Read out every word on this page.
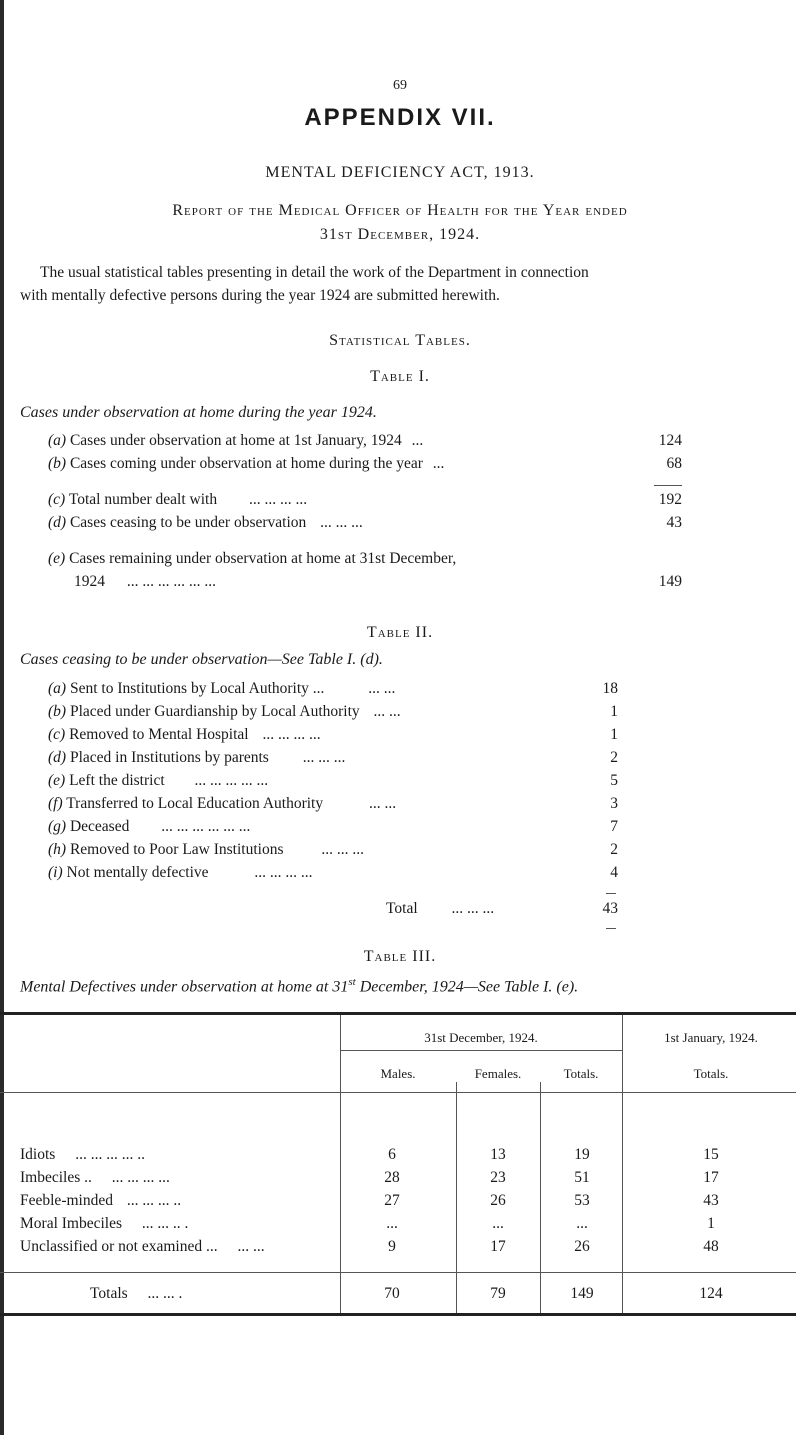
69
APPENDIX VII.
MENTAL DEFICIENCY ACT, 1913.
Report of the Medical Officer of Health for the Year ended
31st December, 1924.
The usual statistical tables presenting in detail the work of the Department in connection
with mentally defective persons during the year 1924 are submitted herewith.
Statistical Tables.
Table I.
Cases under observation at home during the year 1924.
(a) Cases under observation at home at 1st January, 1924 ...	124
(b) Cases coming under observation at home during the year ...	68
(c) Total number dealt with ... ... ... ...	192
(d) Cases ceasing to be under observation ... ... ...	43
(e) Cases remaining under observation at home at 31st December,
1924 ... ... ... ... ... ...	149
Table II.
Cases ceasing to be under observation—See Table I. (d).
(a) Sent to Institutions by Local Authority ...	... ...	18
(b) Placed under Guardianship by Local Authority ... ...	1
(c) Removed to Mental Hospital ... ... ... ...	1
(d) Placed in Institutions by parents ... ... ...	2
(e) Left the district ... ... ... ... ...	5
(f) Transferred to Local Education Authority	... ...	3
(g) Deceased ... ... ... ... ... ...	7
(h) Removed to Poor Law Institutions ... ... ...	2
(i) Not mentally defective	... ... ... ...	4
Total ... ... ...	43
Table III.
Mental Defectives under observation at home at 31st December, 1924—See Table I. (e).
31st December, 1924.	1st January, 1924.
Males.	Females.	Totals.	Totals.
Idiots ... ... ... ... ..	6	13	19	15
Imbeciles .. ... ... ... ...	28	23	51	17
Feeble-minded ... ... ... ..	27	26	53	43
Moral Imbeciles ... ... .. .	...	...	...	1
Unclassified or not examined ... ... ...	9	17	26	48
Totals ... ... .	70	79	149	124
